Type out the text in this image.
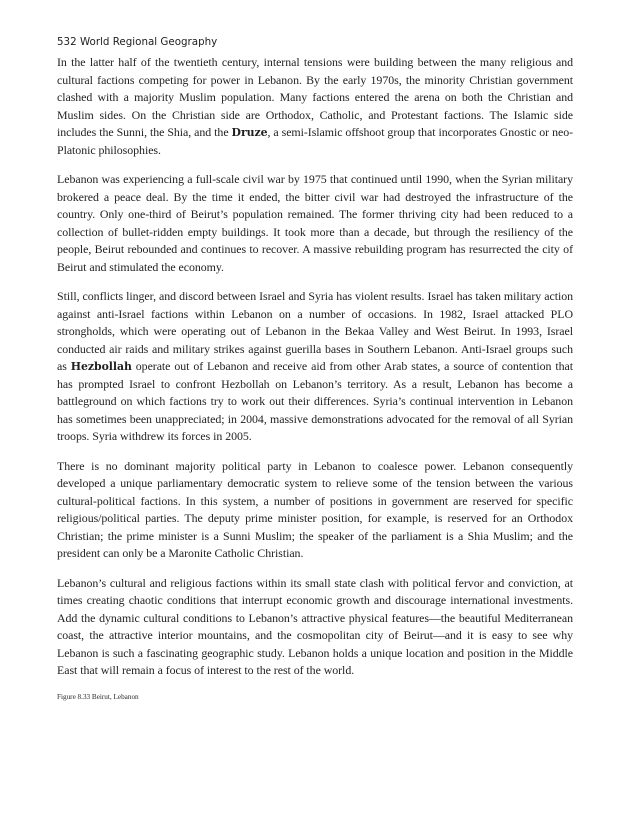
532 World Regional Geography

In the latter half of the twentieth century, internal tensions were building between the many religious and cultural factions competing for power in Lebanon. By the early 1970s, the minority Christian government clashed with a majority Muslim population. Many factions entered the arena on both the Christian and Muslim sides. On the Christian side are Orthodox, Catholic, and Protestant factions. The Islamic side includes the Sunni, the Shia, and the Druze, a semi-Islamic offshoot group that incorporates Gnostic or neo-Platonic philosophies.

Lebanon was experiencing a full-scale civil war by 1975 that continued until 1990, when the Syrian military brokered a peace deal. By the time it ended, the bitter civil war had destroyed the infrastructure of the country. Only one-third of Beirut’s population remained. The former thriving city had been reduced to a collection of bullet-ridden empty buildings. It took more than a decade, but through the resiliency of the people, Beirut rebounded and continues to recover. A massive rebuilding program has resurrected the city of Beirut and stimulated the economy.

Still, conflicts linger, and discord between Israel and Syria has violent results. Israel has taken military action against anti-Israel factions within Lebanon on a number of occasions. In 1982, Israel attacked PLO strongholds, which were operating out of Lebanon in the Bekaa Valley and West Beirut. In 1993, Israel conducted air raids and military strikes against guerilla bases in Southern Lebanon. Anti-Israel groups such as Hezbollah operate out of Lebanon and receive aid from other Arab states, a source of contention that has prompted Israel to confront Hezbollah on Lebanon’s territory. As a result, Lebanon has become a battleground on which factions try to work out their differences. Syria’s continual intervention in Lebanon has sometimes been unappreciated; in 2004, massive demonstrations advocated for the removal of all Syrian troops. Syria withdrew its forces in 2005.

There is no dominant majority political party in Lebanon to coalesce power. Lebanon consequently developed a unique parliamentary democratic system to relieve some of the tension between the various cultural-political factions. In this system, a number of positions in government are reserved for specific religious/political parties. The deputy prime minister position, for example, is reserved for an Orthodox Christian; the prime minister is a Sunni Muslim; the speaker of the parliament is a Shia Muslim; and the president can only be a Maronite Catholic Christian.

Lebanon’s cultural and religious factions within its small state clash with political fervor and conviction, at times creating chaotic conditions that interrupt economic growth and discourage international investments. Add the dynamic cultural conditions to Lebanon’s attractive physical features—the beautiful Mediterranean coast, the attractive interior mountains, and the cosmopolitan city of Beirut—and it is easy to see why Lebanon is such a fascinating geographic study. Lebanon holds a unique location and position in the Middle East that will remain a focus of interest to the rest of the world.

Figure 8.33 Beirut, Lebanon
